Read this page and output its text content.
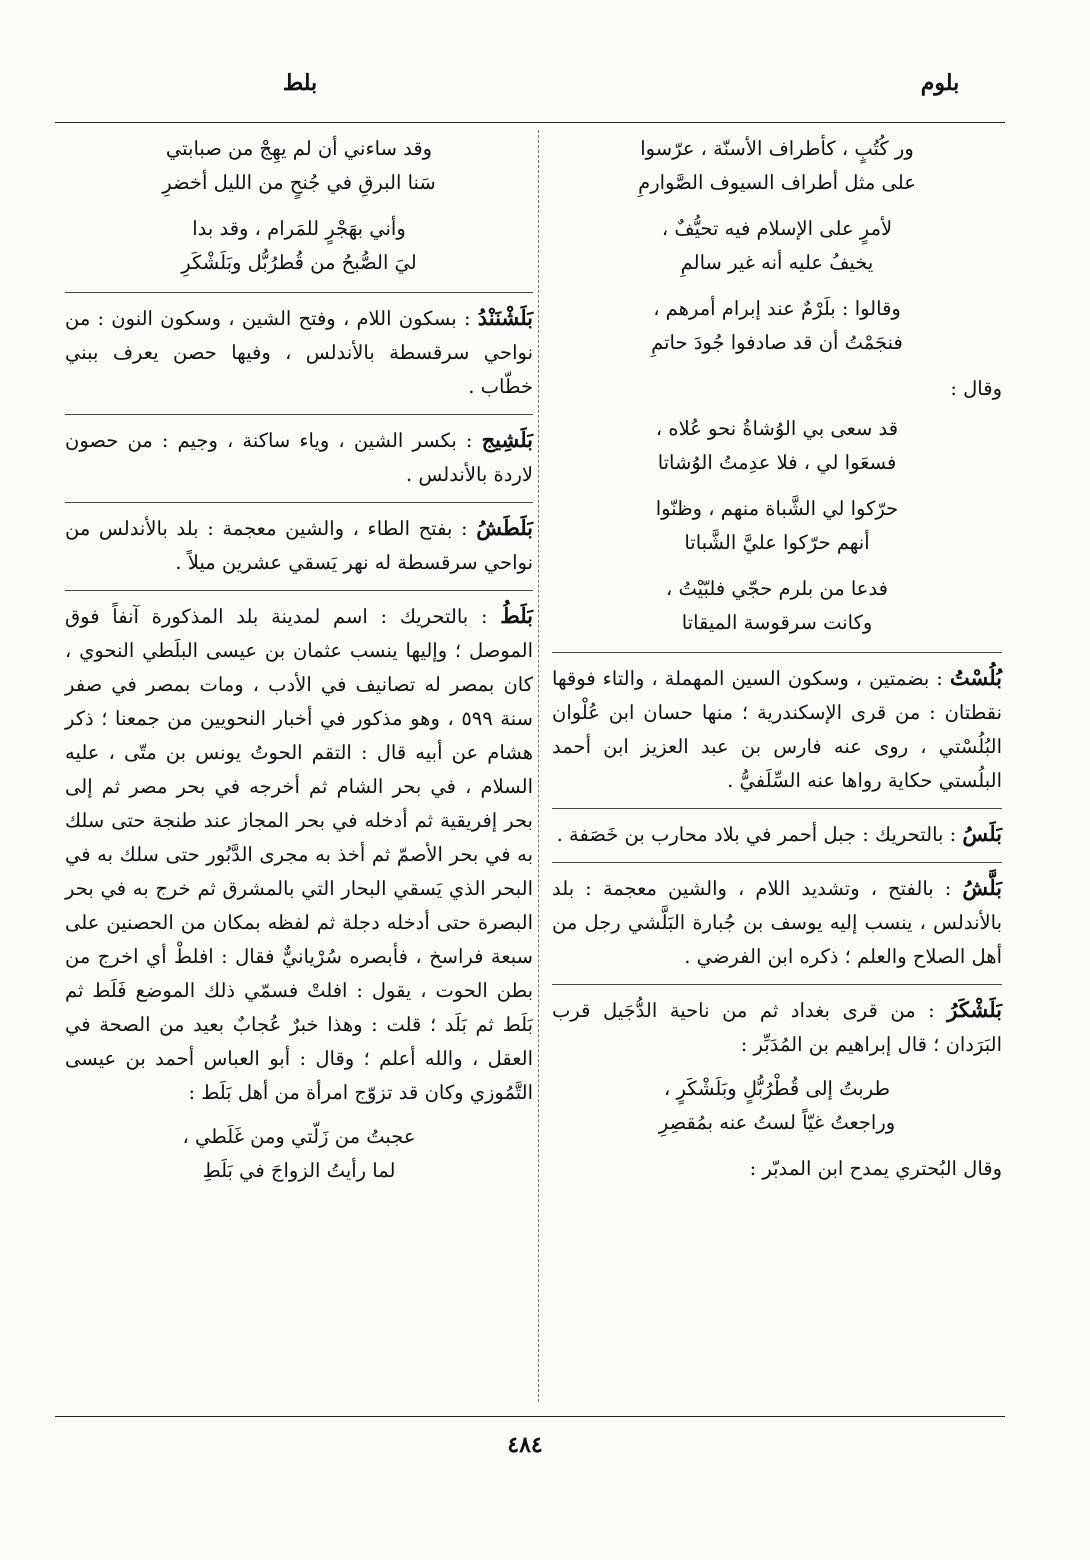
بلوم
بلط
ور كُتُبٍ ، كأطراف الأسنّة ، عرّسوا
على مثل أطراف السيوف الصَّوارمِ
لأمرٍ على الإسلام فيه تحيُّفٌ ،
يخيفُ عليه أنه غير سالمِ
وقالوا : بلَرْمٌ عند إبرام أمرهم ،
فنجَمْتُ أن قد صادفوا جُودَ حاتمِ
وقال :
قد سعى بي الوُشاةُ نحو عُلاه ،
فسعَوا لي ، فلا عدِمتُ الوُشاتا
حرّكوا لي الشَّباة منهم ، وظنّوا
أنهم حرّكوا عليَّ الشَّباتا
فدعا من بلرم حجّي فلبّيْتُ ،
وكانت سرقوسة الميقاتا
بُلُسْتُ : بضمتين ، وسكون السين المهملة ، والتاء فوقها نقطتان : من قرى الإسكندرية ؛ منها حسان ابن عُلْوان البُلُسْتي ، روى عنه فارس بن عبد العزيز ابن أحمد البلُستي حكاية رواها عنه السِّلَفيُّ .
بَلَسُ : بالتحريك : جبل أحمر في بلاد محارب بن خَصَفة .
بَلَّشُ : بالفتح ، وتشديد اللام ، والشين معجمة : بلد بالأندلس ، ينسب إليه يوسف بن جُبارة البَلَّشي رجل من أهل الصلاح والعلم ؛ ذكره ابن الفرضي .
بَلَشْكَرُ : من قرى بغداد ثم من ناحية الدُّجَيل قرب البَرَدان ؛ قال إبراهيم بن المُدَبِّر :
طربتُ إلى قُطْرُبُّلٍ وبَلَشْكَرٍ ،
وراجعتُ غيّاً لستُ عنه بمُقصِرِ
وقال البُحتري يمدح ابن المدبّر :
وقد ساءني أن لم يهِجْ من صبابتي
سَنا البرقِ في جُنحٍ من الليل أخضرِ
وأني بهَجْرٍ للمَرام ، وقد بدا
ليَ الصُّبحُ من قُطرُبُّل وبَلَشْكَرِ
بَلَشْنَنْدُ : بسكون اللام ، وفتح الشين ، وسكون النون : من نواحي سرقسطة بالأندلس ، وفيها حصن يعرف ببني خطّاب .
بَلَشِيج : بكسر الشين ، وياء ساكنة ، وجيم : من حصون لاردة بالأندلس .
بَلَطَشُ : بفتح الطاء ، والشين معجمة : بلد بالأندلس من نواحي سرقسطة له نهر يَسقي عشرين ميلاً .
بَلَطُ : بالتحريك : اسم لمدينة بلد المذكورة آنفاً فوق الموصل ؛ وإليها ينسب عثمان بن عيسى البلَطي النحوي ، كان بمصر له تصانيف في الأدب ، ومات بمصر في صفر سنة ٥٩٩ ، وهو مذكور في أخبار النحويين من جمعنا ؛ ذكر هشام عن أبيه قال : التقم الحوتُ يونس بن متّى ، عليه السلام ، في بحر الشام ثم أخرجه في بحر مصر ثم إلى بحر إفريقية ثم أدخله في بحر المجاز عند طنجة حتى سلك به في بحر الأصمّ ثم أخذ به مجرى الدَّبُور حتى سلك به في البحر الذي يَسقي البحار التي بالمشرق ثم خرج به في بحر البصرة حتى أدخله دجلة ثم لفظه بمكان من الحصنين على سبعة فراسخ ، فأبصره سُرْيانيٌّ فقال : افلطْ أي اخرج من بطن الحوت ، يقول : افلتْ فسمّي ذلك الموضع فَلَط ثم بَلَط ثم بَلَد ؛ قلت : وهذا خبرٌ عُجابٌ بعيد من الصحة في العقل ، والله أعلم ؛ وقال : أبو العباس أحمد بن عيسى التَّمُوزي وكان قد تزوّج امرأة من أهل بَلَط :
عجبتُ من زَلّتي ومن غَلَطي ،
لما رأيتُ الزواجَ في بَلَطِ
٤٨٤
